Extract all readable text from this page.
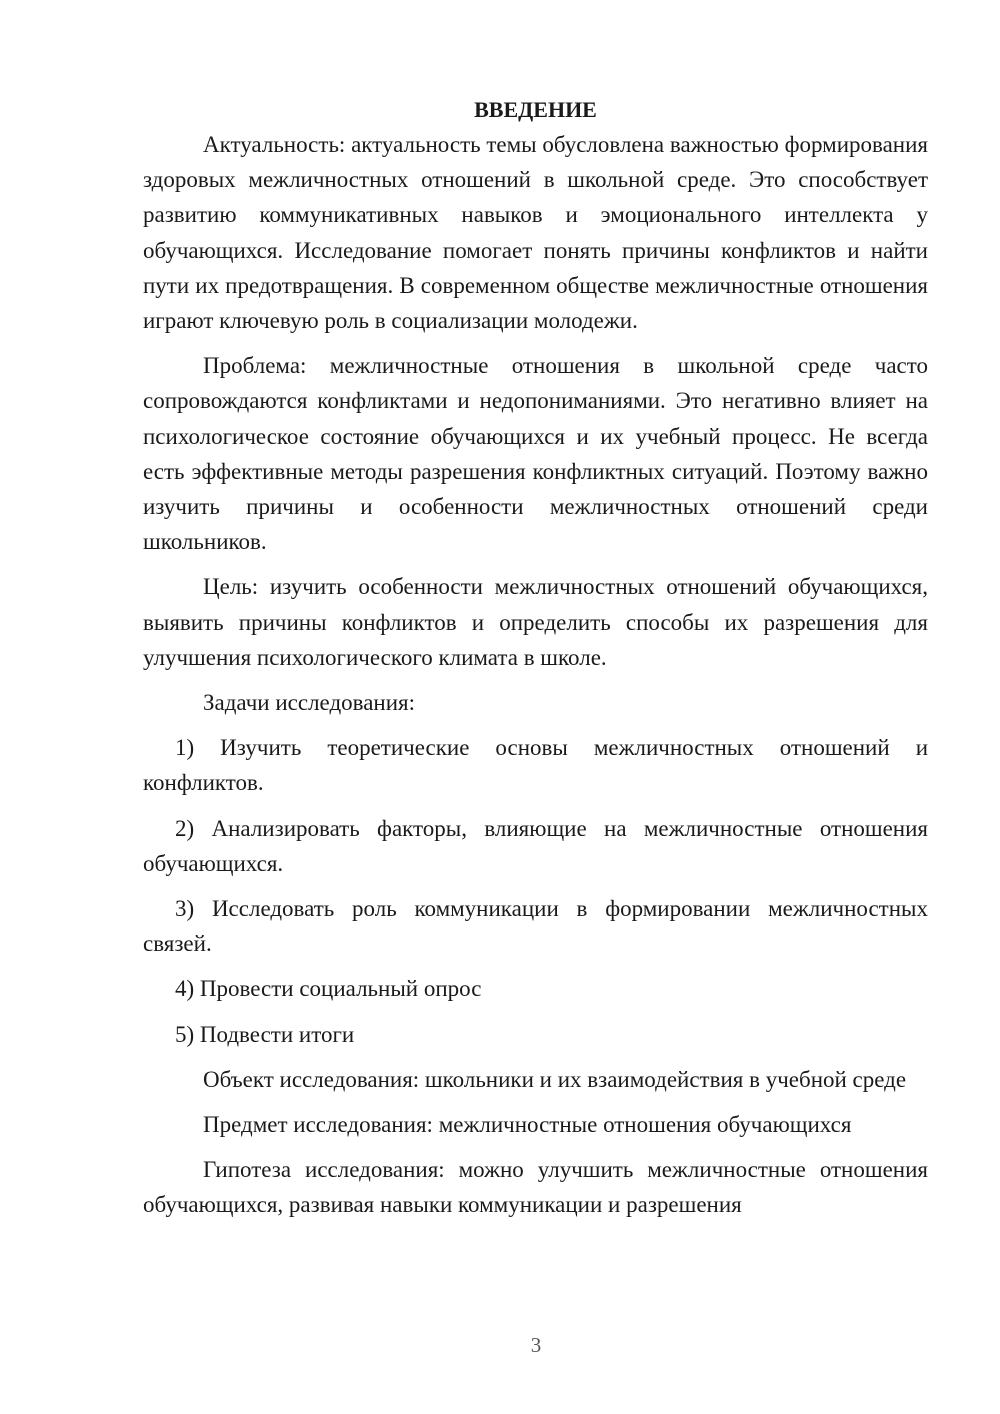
ВВЕДЕНИЕ

Актуальность: актуальность темы обусловлена важностью формирования здоровых межличностных отношений в школьной среде. Это способствует развитию коммуникативных навыков и эмоционального интеллекта у обучающихся. Исследование помогает понять причины конфликтов и найти пути их предотвращения. В современном обществе межличностные отношения играют ключевую роль в социализации молодежи.

Проблема: межличностные отношения в школьной среде часто сопровождаются конфликтами и недопониманиями. Это негативно влияет на психологическое состояние обучающихся и их учебный процесс. Не всегда есть эффективные методы разрешения конфликтных ситуаций. Поэтому важно изучить причины и особенности межличностных отношений среди школьников.

Цель: изучить особенности межличностных отношений обучающихся, выявить причины конфликтов и определить способы их разрешения для улучшения психологического климата в школе.

Задачи исследования:

1) Изучить теоретические основы межличностных отношений и конфликтов.

2) Анализировать факторы, влияющие на межличностные отношения обучающихся.

3) Исследовать роль коммуникации в формировании межличностных связей.

4) Провести социальный опрос

5) Подвести итоги

Объект исследования: школьники и их взаимодействия в учебной среде

Предмет исследования: межличностные отношения обучающихся

Гипотеза исследования: можно улучшить межличностные отношения обучающихся, развивая навыки коммуникации и разрешения

3
